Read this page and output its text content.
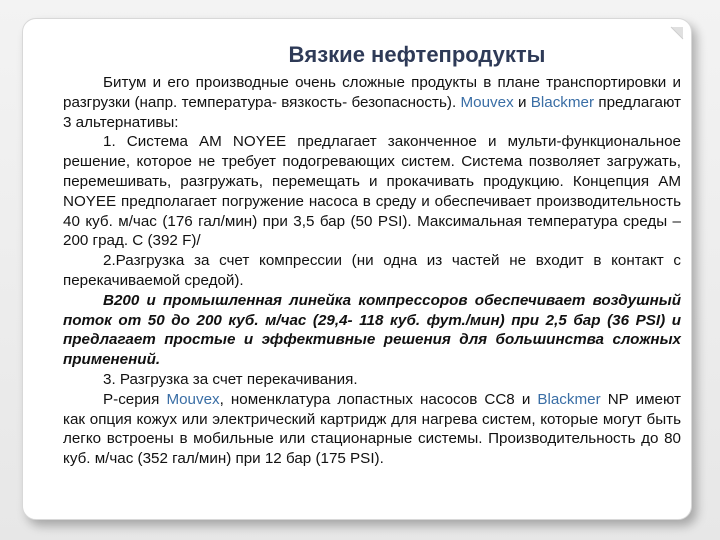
Вязкие нефтепродукты

Битум и его производные очень сложные продукты в плане транспортировки и разгрузки (напр. температура- вязкость- безопасность). Mouvex и Blackmer предлагают 3 альтернативы:

1. Система AM NOYEE предлагает законченное и мульти-функциональное решение, которое не требует подогревающих систем. Система позволяет загружать, перемешивать, разгружать, перемещать и прокачивать продукцию. Концепция AM NOYEE предполагает погружение насоса в среду и обеспечивает производительность 40 куб. м/час (176 гал/мин) при 3,5 бар (50 PSI). Максимальная температура среды – 200 град. С (392 F)/

2.Разгрузка за счет компрессии (ни одна из частей не входит в контакт с перекачиваемой средой).

B200 и промышленная линейка компрессоров обеспечивает воздушный поток от 50 до 200 куб. м/час (29,4- 118 куб. фут./мин) при 2,5 бар (36 PSI) и предлагает простые и эффективные решения для большинства сложных применений.

3. Разгрузка за счет перекачивания.

P-серия Mouvex, номенклатура лопастных насосов CC8 и Blackmer NP имеют как опция кожух или электрический картридж для нагрева систем, которые могут быть легко встроены в мобильные или стационарные системы. Производительность до 80 куб. м/час (352 гал/мин) при 12 бар (175 PSI).
